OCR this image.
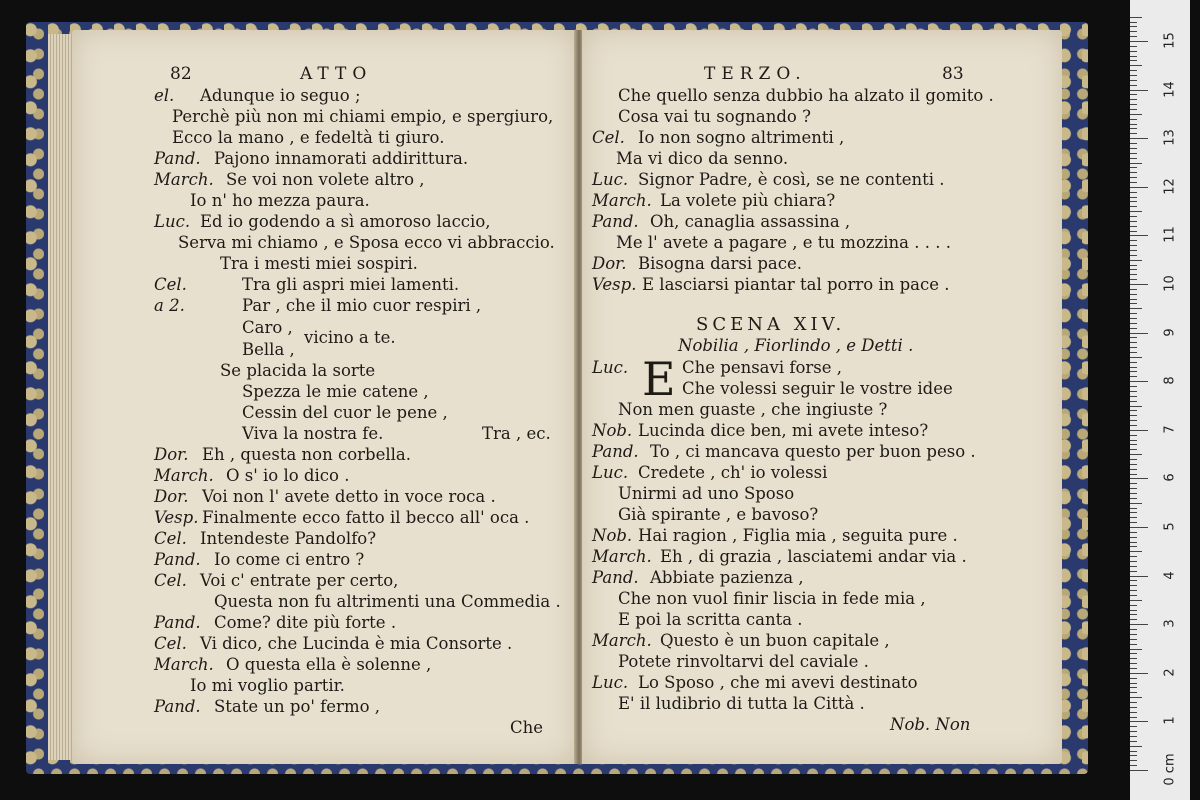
82	ATTO
el. Adunque io seguo ;
Perchè più non mi chiami empio, e spergiuro,
Ecco la mano , e fedeltà ti giuro.
Pand. Pajono innamorati addirittura.
March. Se voi non volete altro ,
Io n' ho mezza paura.
Luc. Ed io godendo a sì amoroso laccio,
Serva mi chiamo , e Sposa ecco vi abbraccio.
Tra i mesti miei sospiri.
Cel.	Tra gli aspri miei lamenti.
a 2.	Par , che il mio cuor respiri ,
Caro ,
vicino a te.
Bella ,
Se placida la sorte
Spezza le mie catene ,
Cessin del cuor le pene ,
Viva la nostra fe.	Tra , ec.
Dor. Eh , questa non corbella.
March. O s' io lo dico .
Dor. Voi non l' avete detto in voce roca .
Vesp. Finalmente ecco fatto il becco all' oca .
Cel. Intendeste Pandolfo?
Pand. Io come ci entro ?
Cel. Voi c' entrate per certo,
Questa non fu altrimenti una Commedia .
Pand. Come? dite più forte .
Cel. Vi dico, che Lucinda è mia Consorte .
March. O questa ella è solenne ,
Io mi voglio partir.
Pand. State un po' fermo ,
Che
TERZO.	83
Che quello senza dubbio ha alzato il gomito .
Cosa vai tu sognando ?
Cel. Io non sogno altrimenti ,
Ma vi dico da senno.
Luc. Signor Padre, è così, se ne contenti .
March. La volete più chiara?
Pand. Oh, canaglia assassina ,
Me l' avete a pagare , e tu mozzina . . . .
Dor. Bisogna darsi pace.
Vesp. E lasciarsi piantar tal porro in pace .
SCENA XIV.
Nobilia , Fiorlindo , e Detti .
Luc. E Che pensavi forse ,
Che volessi seguir le vostre idee
Non men guaste , che ingiuste ?
Nob. Lucinda dice ben, mi avete inteso?
Pand. To , ci mancava questo per buon peso .
Luc. Credete , ch' io volessi
Unirmi ad uno Sposo
Già spirante , e bavoso?
Nob. Hai ragion , Figlia mia , seguita pure .
March. Eh , di grazia , lasciatemi andar via .
Pand. Abbiate pazienza ,
Che non vuol finir liscia in fede mia ,
E poi la scritta canta .
March. Questo è un buon capitale ,
Potete rinvoltarvi del caviale .
Luc. Lo Sposo , che mi avevi destinato
E' il ludibrio di tutta la Città .
Nob. Non
0 cm
1
2
3
4
5
6
7
8
9
10
11
12
13
14
15
